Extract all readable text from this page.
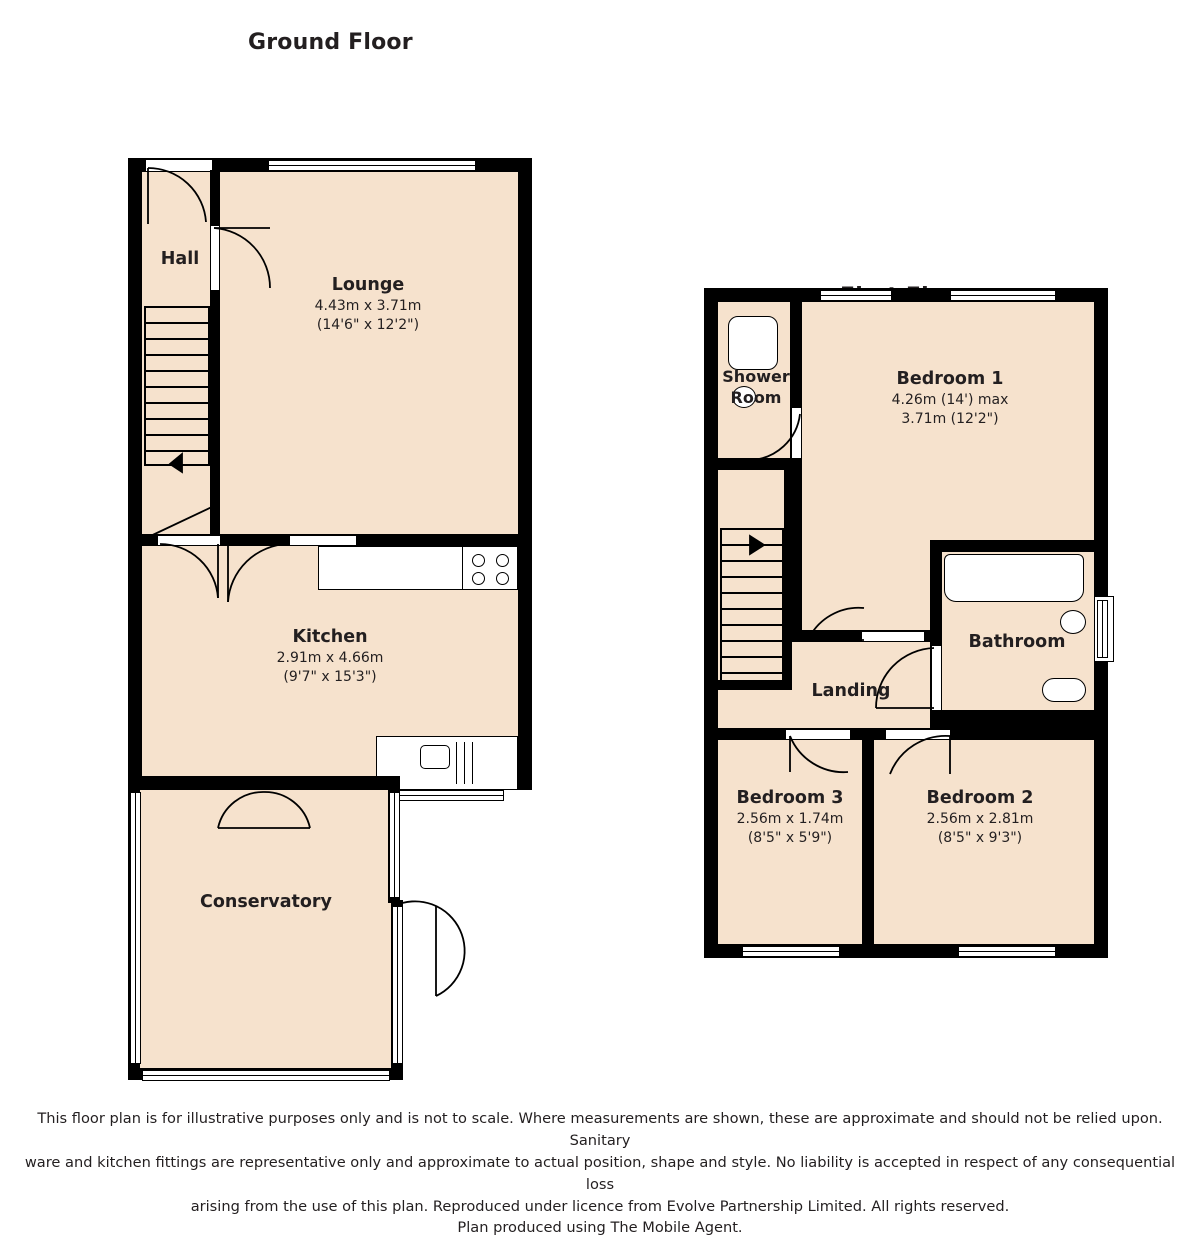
Ground Floor
Hall
Lounge
4.43m x 3.71m
(14'6" x 12'2")
Kitchen
2.91m x 4.66m
(9'7" x 15'3")
Conservatory
Shower
Room
Bedroom 1
4.26m (14') max
3.71m (12'2")
Bathroom
Landing
Bedroom 3
2.56m x 1.74m
(8'5" x 5'9")
Bedroom 2
2.56m x 2.81m
(8'5" x 9'3")

This floor plan is for illustrative purposes only and is not to scale. Where measurements are shown, these are approximate and should not be relied upon. Sanitary

ware and kitchen fittings are representative only and approximate to actual position, shape and style. No liability is accepted in respect of any consequential loss

arising from the use of this plan. Reproduced under licence from Evolve Partnership Limited. All rights reserved.

Plan produced using The Mobile Agent.
